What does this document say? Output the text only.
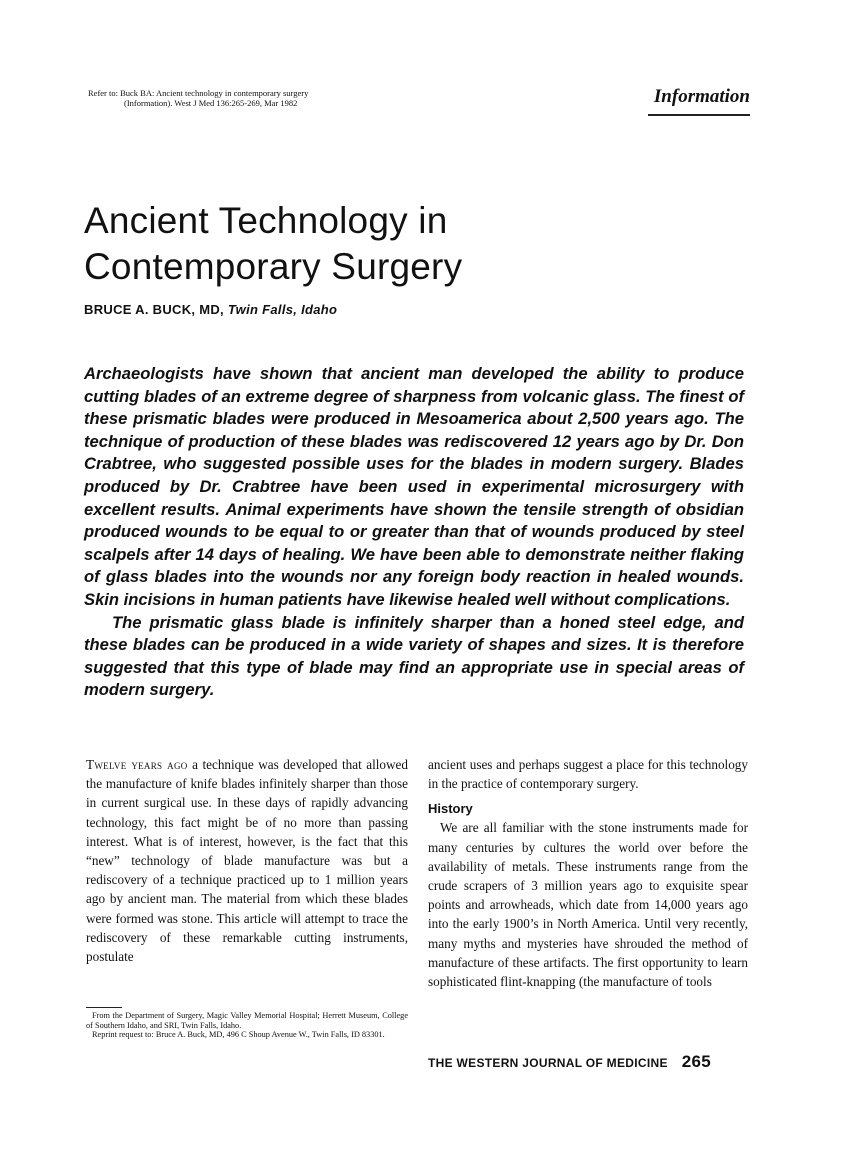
Refer to: Buck BA: Ancient technology in contemporary surgery
(Information). West J Med 136:265-269, Mar 1982	Information
Ancient Technology in
Contemporary Surgery
BRUCE A. BUCK, MD, Twin Falls, Idaho

Archaeologists have shown that ancient man developed the ability to produce cutting blades of an extreme degree of sharpness from volcanic glass. The finest of these prismatic blades were produced in Mesoamerica about 2,500 years ago. The technique of production of these blades was rediscovered 12 years ago by Dr. Don Crabtree, who suggested possible uses for the blades in modern surgery. Blades produced by Dr. Crabtree have been used in experimental microsurgery with excellent results. Animal experiments have shown the tensile strength of obsidian produced wounds to be equal to or greater than that of wounds produced by steel scalpels after 14 days of healing. We have been able to demonstrate neither flaking of glass blades into the wounds nor any foreign body reaction in healed wounds. Skin incisions in human patients have likewise healed well without complications.

The prismatic glass blade is infinitely sharper than a honed steel edge, and these blades can be produced in a wide variety of shapes and sizes. It is therefore suggested that this type of blade may find an appropriate use in special areas of modern surgery.

Twelve years ago a technique was developed that allowed the manufacture of knife blades infinitely sharper than those in current surgical use. In these days of rapidly advancing technology, this fact might be of no more than passing interest. What is of interest, however, is the fact that this “new” technology of blade manufacture was but a rediscovery of a technique practiced up to 1 million years ago by ancient man. The material from which these blades were formed was stone. This article will attempt to trace the rediscovery of these remarkable cutting instruments, postulate

From the Department of Surgery, Magic Valley Memorial Hospital; Herrett Museum, College of Southern Idaho, and SRI, Twin Falls, Idaho.

Reprint request to: Bruce A. Buck, MD, 496 C Shoup Avenue W., Twin Falls, ID 83301.

ancient uses and perhaps suggest a place for this technology in the practice of contemporary surgery.

History

We are all familiar with the stone instruments made for many centuries by cultures the world over before the availability of metals. These instruments range from the crude scrapers of 3 million years ago to exquisite spear points and arrowheads, which date from 14,000 years ago into the early 1900’s in North America. Until very recently, many myths and mysteries have shrouded the method of manufacture of these artifacts. The first opportunity to learn sophisticated flint-knapping (the manufacture of tools

THE WESTERN JOURNAL OF MEDICINE 265
